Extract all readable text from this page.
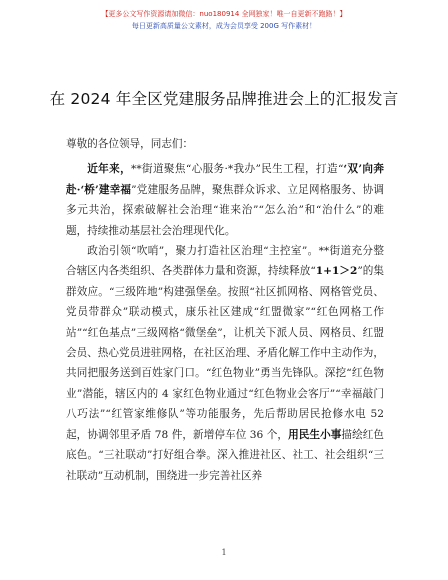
【更多公文写作资源请加微信：nuo180914 全网独家！唯一自更新不跑路！】
每日更新高质量公文素材，成为会员享受 200G 写作素材！
在 2024 年全区党建服务品牌推进会上的汇报发言

尊敬的各位领导，同志们：

近年来，**街道聚焦“心服务·*我办”民生工程，打造“‘双’向奔赴·‘桥’建幸福”党建服务品牌，聚焦群众诉求、立足网格服务、协调多元共治，探索破解社会治理“谁来治”“怎么治”和“治什么”的难题，持续推动基层社会治理现代化。

政治引领“吹哨”，聚力打造社区治理“主控室”。**街道充分整合辖区内各类组织、各类群体力量和资源，持续释放“1+1＞2”的集群效应。“三级阵地”构建强堡垒。按照“社区抓网格、网格管党员、党员带群众”联动模式，康乐社区建成“红盟微家”“红色网格工作站”“红色基点”三级网格“微堡垒”，让机关下派人员、网格员、红盟会员、热心党员进驻网格，在社区治理、矛盾化解工作中主动作为，共同把服务送到百姓家门口。“红色物业”勇当先锋队。深挖“红色物业”潜能，辖区内的 4 家红色物业通过“红色物业会客厅”“幸福敲门八巧法”“红管家维修队”等功能服务，先后帮助居民抢修水电 52 起，协调邻里矛盾 78 件，新增停车位 36 个，用民生小事描绘红色底色。“三社联动”打好组合拳。深入推进社区、社工、社会组织“三社联动”互动机制，围绕进一步完善社区养

1
